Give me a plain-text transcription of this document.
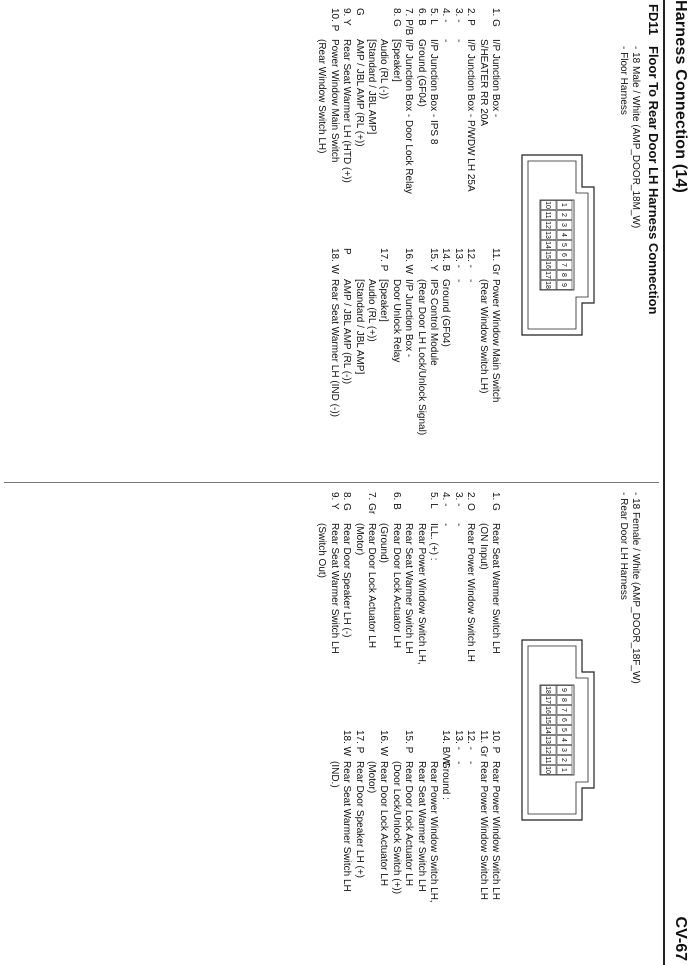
Harness Connection (14)
CV-67
FD11
Floor To Rear Door LH Harness Connection
- 18 Male / White (AMP_DOOR_18M_W)
- Floor Harness
1
2
3
4
5
6
7
8
9
10
11
12
13
14
15
16
17
18
1. G
I/P Junction Box -
S/HEATER RR 20A
2. P
I/P Junction Box - P/WDW LH 25A
3. -
-
4. -
-
5. L
I/P Junction Box - IPS 8
6. B
Ground (GF04)
7. P/B
I/P Junction Box - Door Lock Relay
8. G
[Speaker]
Audio (RL (-))
[Standard / JBL AMP]
G
AMP / JBL AMP (RL (+))
9. Y
Rear Seat Warmer LH (HTD (+))
10. P
Power Window Main Switch
(Rear Window Switch LH)
11. Gr
Power Window Main Switch
(Rear Window Switch LH)
12. -
-
13. -
-
14. B
Ground (GF04)
15. Y
IPS Control Module
(Rear Door LH Lock/Unlock Signal)
16. W
I/P Junction Box -
Door Unlock Relay
17. P
[Speaker]
Audio (RL (+))
[Standard / JBL AMP]
P
AMP / JBL AMP (RL (-))
18. W
Rear Seat Warmer LH (IND (-))
- 18 Female / White (AMP_DOOR_18F_W)
- Rear Door LH Harness
9
8
7
6
5
4
3
2
1
18
17
16
15
14
13
12
11
10
1. G
Rear Seat Warmer Switch LH
(ON Input)
2. O
Rear Power Window Switch LH
3. -
-
4. -
-
5. L
ILL. (+) :
Rear Power Window Switch LH,
Rear Seat Warmer Switch LH
6. B
Rear Door Lock Actuator LH
(Ground)
7. Gr
Rear Door Lock Actuator LH
(Motor)
8. G
Rear Door Speaker LH (-)
9. Y
Rear Seat Warmer Switch LH
(Switch Out)
10. P
Rear Power Window Switch LH
11. Gr
Rear Power Window Switch LH
12. -
-
13. -
-
14. B/W
Ground :
Rear Power Window Switch LH,
Rear Seat Warmer Switch LH
15. P
Rear Door Lock Actuator LH
(Door Lock/Unlock Switch (+))
16. W
Rear Door Lock Actuator LH
(Motor)
17. P
Rear Door Speaker LH (+)
18. W
Rear Seat Warmer Switch LH
(IND.)
